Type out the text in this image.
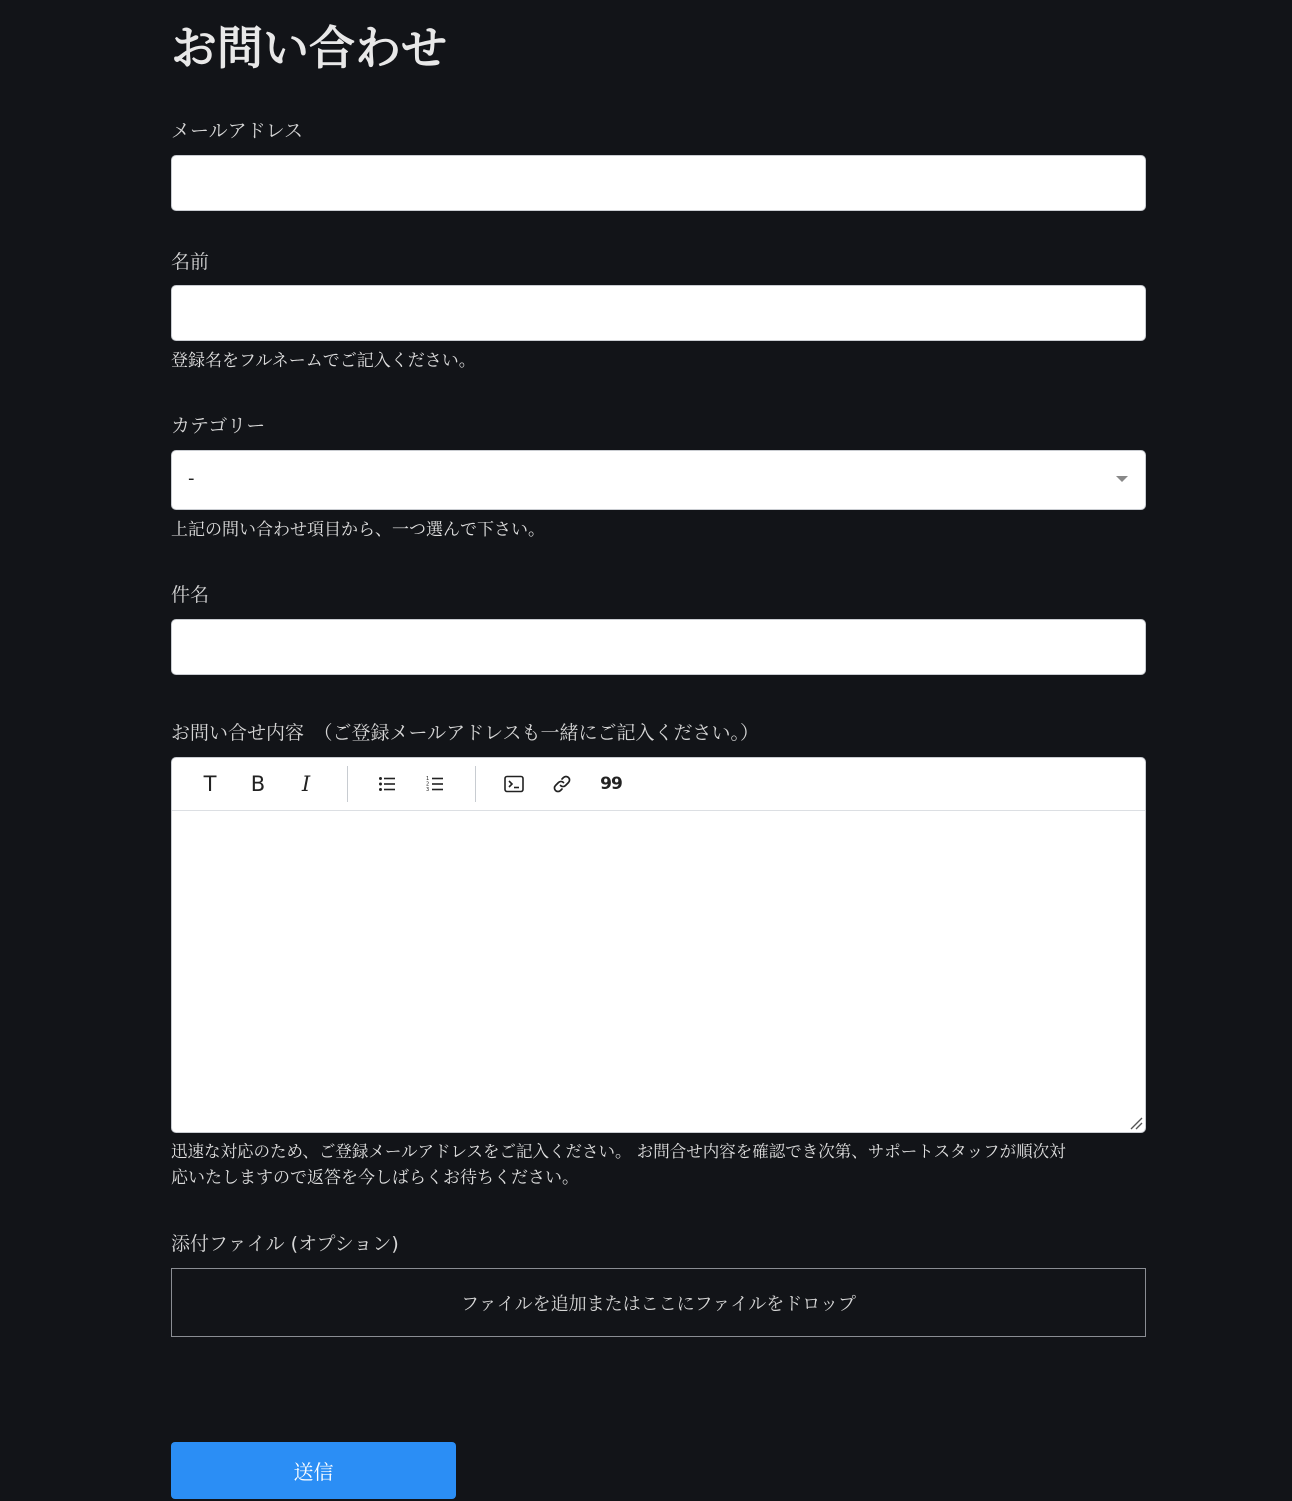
お問い合わせ
メールアドレス
名前
登録名をフルネームでご記入ください。
カテゴリー
-
上記の問い合わせ項目から、一つ選んで下さい。
件名
お問い合せ内容　（ご登録メールアドレスも一緒にご記入ください。）
T	B	I	1
2
3	99
迅速な対応のため、ご登録メールアドレスをご記入ください。 お問合せ内容を確認でき次第、サポートスタッフが順次対
応いたしますので返答を今しばらくお待ちください。
添付ファイル (オプション)
ファイルを追加またはここにファイルをドロップ
送信
